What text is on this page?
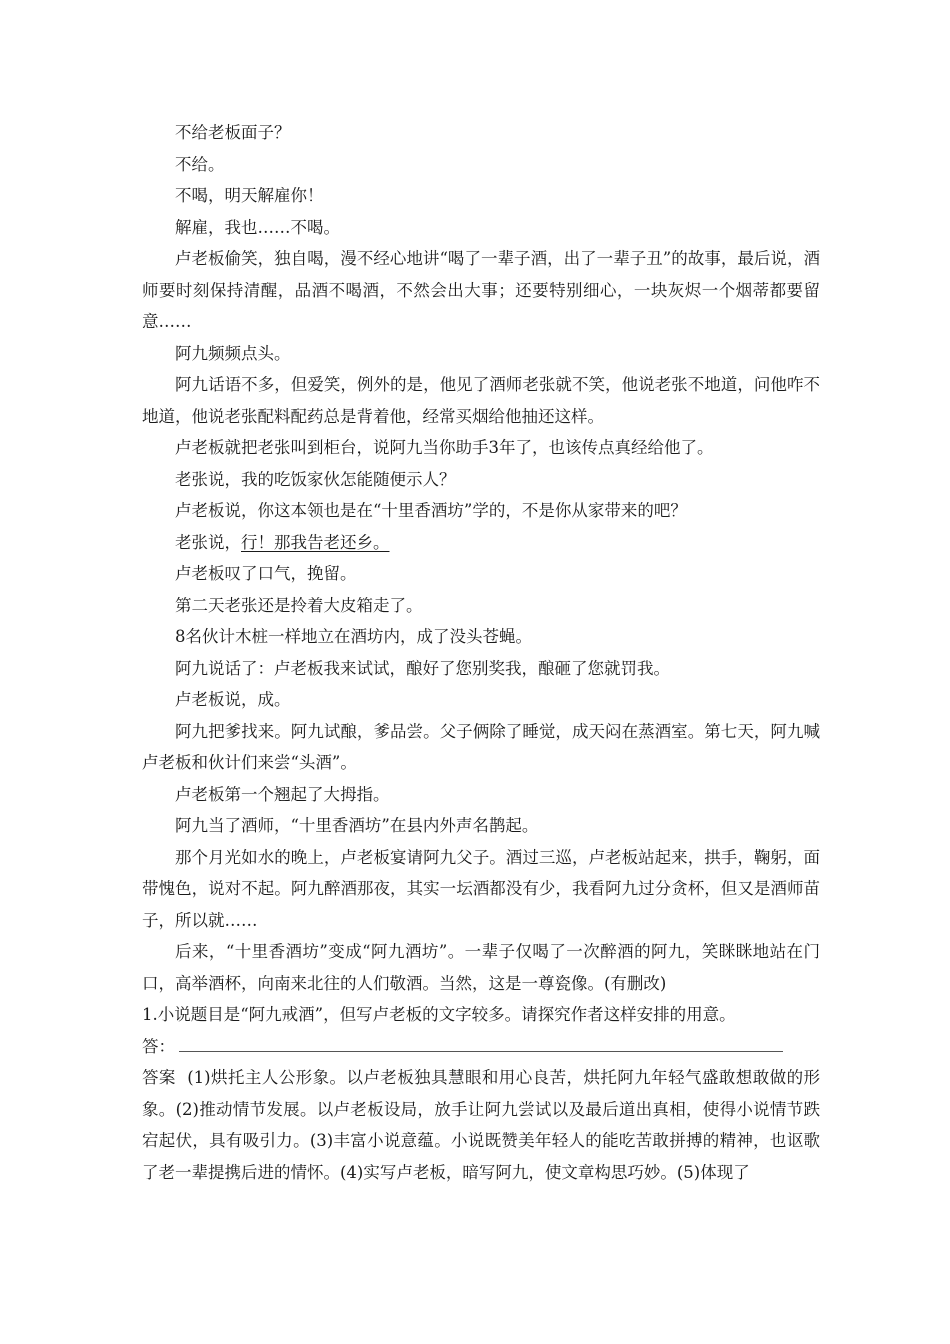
不给老板面子？

不给。

不喝，明天解雇你！

解雇，我也……不喝。

卢老板偷笑，独自喝，漫不经心地讲“喝了一辈子酒，出了一辈子丑”的故事，最后说，酒师要时刻保持清醒，品酒不喝酒，不然会出大事；还要特别细心，一块灰烬一个烟蒂都要留意……

阿九频频点头。

阿九话语不多，但爱笑，例外的是，他见了酒师老张就不笑，他说老张不地道，问他咋不地道，他说老张配料配药总是背着他，经常买烟给他抽还这样。

卢老板就把老张叫到柜台，说阿九当你助手3年了，也该传点真经给他了。

老张说，我的吃饭家伙怎能随便示人？

卢老板说，你这本领也是在“十里香酒坊”学的，不是你从家带来的吧？

老张说，行！那我告老还乡。

卢老板叹了口气，挽留。

第二天老张还是拎着大皮箱走了。

8名伙计木桩一样地立在酒坊内，成了没头苍蝇。

阿九说话了：卢老板我来试试，酿好了您别奖我，酿砸了您就罚我。

卢老板说，成。

阿九把爹找来。阿九试酿，爹品尝。父子俩除了睡觉，成天闷在蒸酒室。第七天，阿九喊卢老板和伙计们来尝“头酒”。

卢老板第一个翘起了大拇指。

阿九当了酒师，“十里香酒坊”在县内外声名鹊起。

那个月光如水的晚上，卢老板宴请阿九父子。酒过三巡，卢老板站起来，拱手，鞠躬，面带愧色，说对不起。阿九醉酒那夜，其实一坛酒都没有少，我看阿九过分贪杯，但又是酒师苗子，所以就……

后来，“十里香酒坊”变成“阿九酒坊”。一辈子仅喝了一次醉酒的阿九，笑眯眯地站在门口，高举酒杯，向南来北往的人们敬酒。当然，这是一尊瓷像。(有删改)

1.小说题目是“阿九戒酒”，但写卢老板的文字较多。请探究作者这样安排的用意。

答：

答案 (1)烘托主人公形象。以卢老板独具慧眼和用心良苦，烘托阿九年轻气盛敢想敢做的形象。(2)推动情节发展。以卢老板设局，放手让阿九尝试以及最后道出真相，使得小说情节跌宕起伏，具有吸引力。(3)丰富小说意蕴。小说既赞美年轻人的能吃苦敢拼搏的精神，也讴歌了老一辈提携后进的情怀。(4)实写卢老板，暗写阿九，使文章构思巧妙。(5)体现了
